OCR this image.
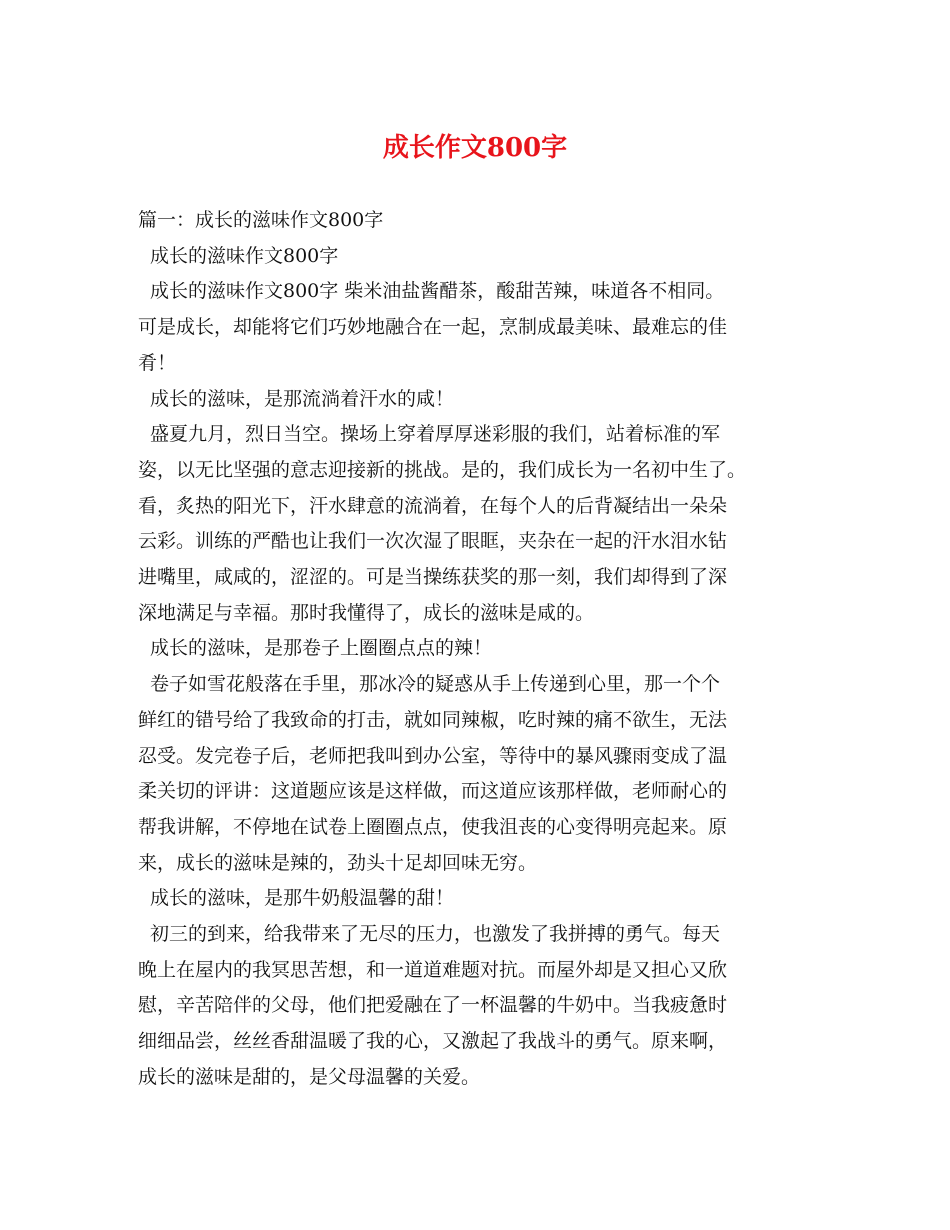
成长作文800字

篇一：成长的滋味作文800字

成长的滋味作文800字

成长的滋味作文800字 柴米油盐酱醋茶，酸甜苦辣，味道各不相同。

可是成长，却能将它们巧妙地融合在一起，烹制成最美味、最难忘的佳

肴！

成长的滋味，是那流淌着汗水的咸！

盛夏九月，烈日当空。操场上穿着厚厚迷彩服的我们，站着标准的军

姿，以无比坚强的意志迎接新的挑战。是的，我们成长为一名初中生了。

看，炙热的阳光下，汗水肆意的流淌着，在每个人的后背凝结出一朵朵

云彩。训练的严酷也让我们一次次湿了眼眶，夹杂在一起的汗水泪水钻

进嘴里，咸咸的，涩涩的。可是当操练获奖的那一刻，我们却得到了深

深地满足与幸福。那时我懂得了，成长的滋味是咸的。

成长的滋味，是那卷子上圈圈点点的辣！

卷子如雪花般落在手里，那冰冷的疑惑从手上传递到心里，那一个个

鲜红的错号给了我致命的打击，就如同辣椒，吃时辣的痛不欲生，无法

忍受。发完卷子后，老师把我叫到办公室，等待中的暴风骤雨变成了温

柔关切的评讲：这道题应该是这样做，而这道应该那样做，老师耐心的

帮我讲解，不停地在试卷上圈圈点点，使我沮丧的心变得明亮起来。原

来，成长的滋味是辣的，劲头十足却回味无穷。

成长的滋味，是那牛奶般温馨的甜！

初三的到来，给我带来了无尽的压力，也激发了我拼搏的勇气。每天

晚上在屋内的我冥思苦想，和一道道难题对抗。而屋外却是又担心又欣

慰，辛苦陪伴的父母，他们把爱融在了一杯温馨的牛奶中。当我疲惫时

细细品尝，丝丝香甜温暖了我的心，又激起了我战斗的勇气。原来啊，

成长的滋味是甜的，是父母温馨的关爱。
